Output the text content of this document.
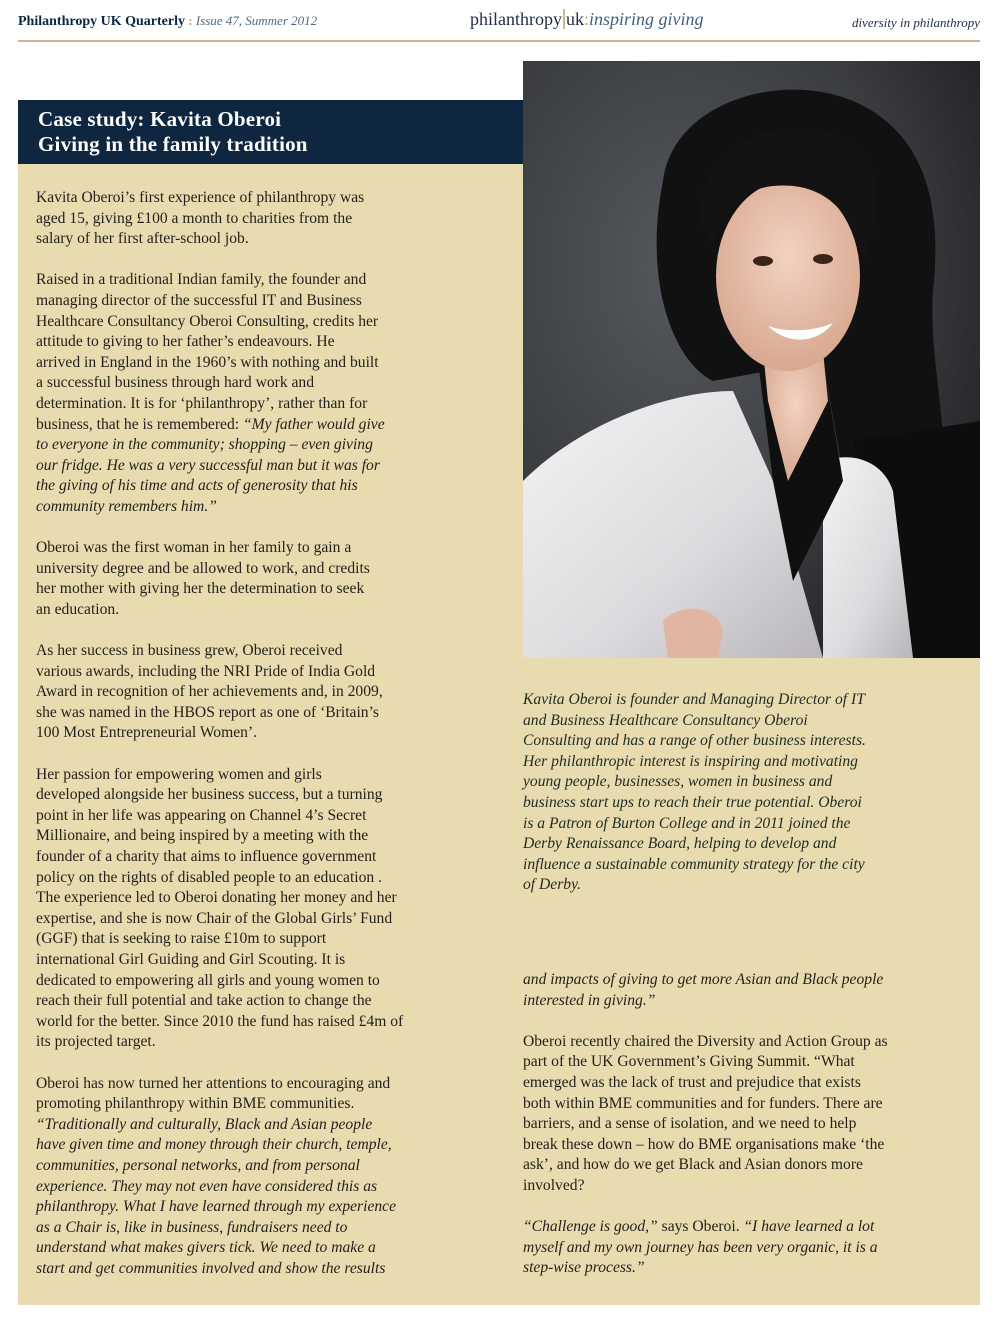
Philanthropy UK Quarterly : Issue 47, Summer 2012	philanthropy uk:inspiring giving	diversity in philanthropy
Case study: Kavita Oberoi
Giving in the family tradition

Kavita Oberoi’s first experience of philanthropy was
aged 15, giving £100 a month to charities from the
salary of her first after-school job.

Raised in a traditional Indian family, the founder and
managing director of the successful IT and Business
Healthcare Consultancy Oberoi Consulting, credits her
attitude to giving to her father’s endeavours. He
arrived in England in the 1960’s with nothing and built
a successful business through hard work and
determination. It is for ‘philanthropy’, rather than for
business, that he is remembered: “My father would give
to everyone in the community; shopping – even giving
our fridge. He was a very successful man but it was for
the giving of his time and acts of generosity that his
community remembers him.”

Oberoi was the first woman in her family to gain a
university degree and be allowed to work, and credits
her mother with giving her the determination to seek
an education.

As her success in business grew, Oberoi received
various awards, including the NRI Pride of India Gold
Award in recognition of her achievements and, in 2009,
she was named in the HBOS report as one of ‘Britain’s
100 Most Entrepreneurial Women’.

Her passion for empowering women and girls
developed alongside her business success, but a turning
point in her life was appearing on Channel 4’s Secret
Millionaire, and being inspired by a meeting with the
founder of a charity that aims to influence government
policy on the rights of disabled people to an education .
The experience led to Oberoi donating her money and her
expertise, and she is now Chair of the Global Girls’ Fund
(GGF) that is seeking to raise £10m to support
international Girl Guiding and Girl Scouting. It is
dedicated to empowering all girls and young women to
reach their full potential and take action to change the
world for the better. Since 2010 the fund has raised £4m of
its projected target.

Oberoi has now turned her attentions to encouraging and
promoting philanthropy within BME communities.
“Traditionally and culturally, Black and Asian people
have given time and money through their church, temple,
communities, personal networks, and from personal
experience. They may not even have considered this as
philanthropy. What I have learned through my experience
as a Chair is, like in business, fundraisers need to
understand what makes givers tick. We need to make a
start and get communities involved and show the results

Kavita Oberoi is founder and Managing Director of IT
and Business Healthcare Consultancy Oberoi
Consulting and has a range of other business interests.
Her philanthropic interest is inspiring and motivating
young people, businesses, women in business and
business start ups to reach their true potential. Oberoi
is a Patron of Burton College and in 2011 joined the
Derby Renaissance Board, helping to develop and
influence a sustainable community strategy for the city
of Derby.

and impacts of giving to get more Asian and Black people
interested in giving.”

Oberoi recently chaired the Diversity and Action Group as
part of the UK Government’s Giving Summit. “What
emerged was the lack of trust and prejudice that exists
both within BME communities and for funders. There are
barriers, and a sense of isolation, and we need to help
break these down – how do BME organisations make ‘the
ask’, and how do we get Black and Asian donors more
involved?

“Challenge is good,” says Oberoi. “I have learned a lot
myself and my own journey has been very organic, it is a
step-wise process.”
